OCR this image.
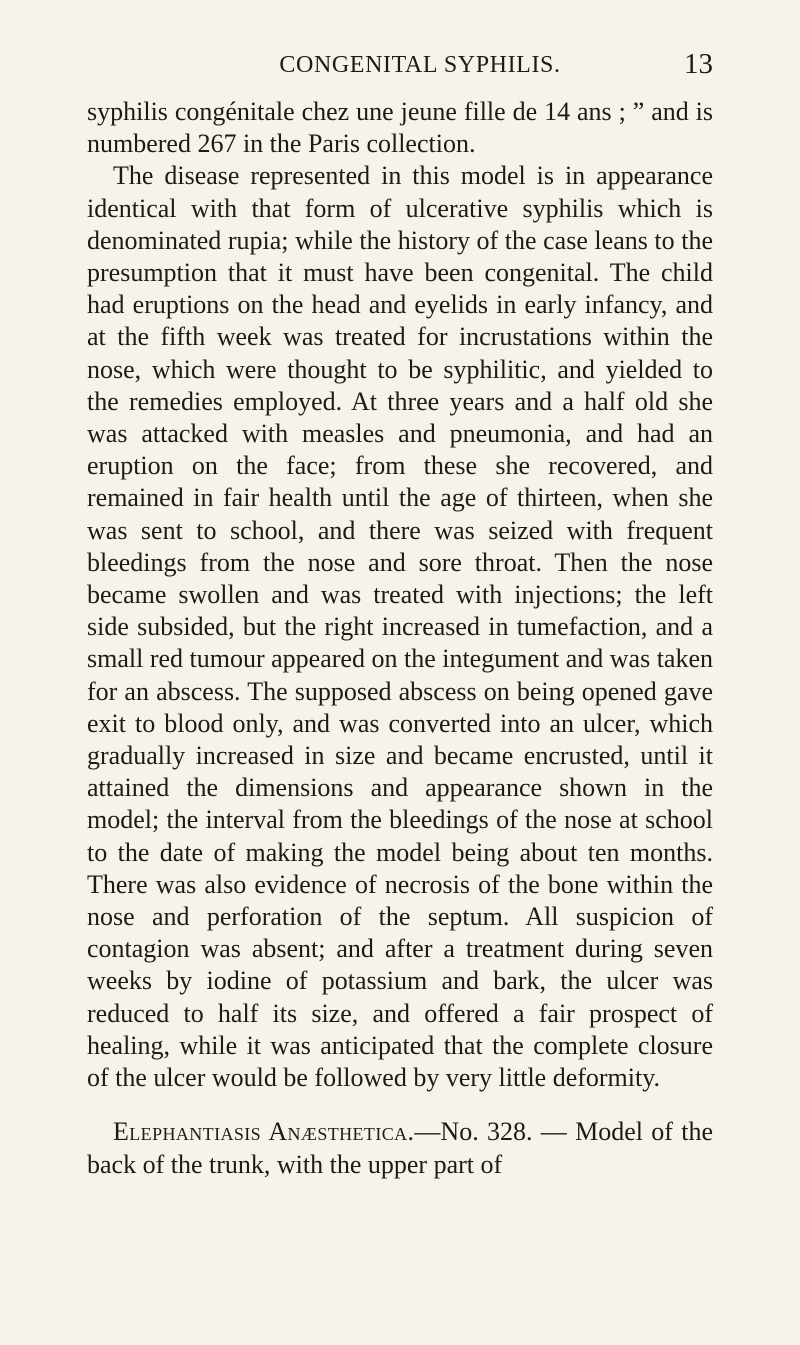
CONGENITAL SYPHILIS.	13

syphilis congénitale chez une jeune fille de 14 ans ; ” and is numbered 267 in the Paris collection.

The disease represented in this model is in appearance identical with that form of ulcerative syphilis which is denominated rupia; while the history of the case leans to the presumption that it must have been congenital. The child had eruptions on the head and eyelids in early infancy, and at the fifth week was treated for incrustations within the nose, which were thought to be syphilitic, and yielded to the remedies employed. At three years and a half old she was attacked with measles and pneumonia, and had an eruption on the face; from these she recovered, and remained in fair health until the age of thirteen, when she was sent to school, and there was seized with frequent bleedings from the nose and sore throat. Then the nose became swollen and was treated with injections; the left side subsided, but the right increased in tumefaction, and a small red tumour appeared on the integument and was taken for an abscess. The supposed abscess on being opened gave exit to blood only, and was converted into an ulcer, which gradually increased in size and became encrusted, until it attained the dimensions and appearance shown in the model; the interval from the bleedings of the nose at school to the date of making the model being about ten months. There was also evidence of necrosis of the bone within the nose and perforation of the septum. All suspicion of contagion was absent; and after a treatment during seven weeks by iodine of potassium and bark, the ulcer was reduced to half its size, and offered a fair prospect of healing, while it was anticipated that the complete closure of the ulcer would be followed by very little deformity.

Elephantiasis Anæsthetica.—No. 328. — Model of the back of the trunk, with the upper part of
